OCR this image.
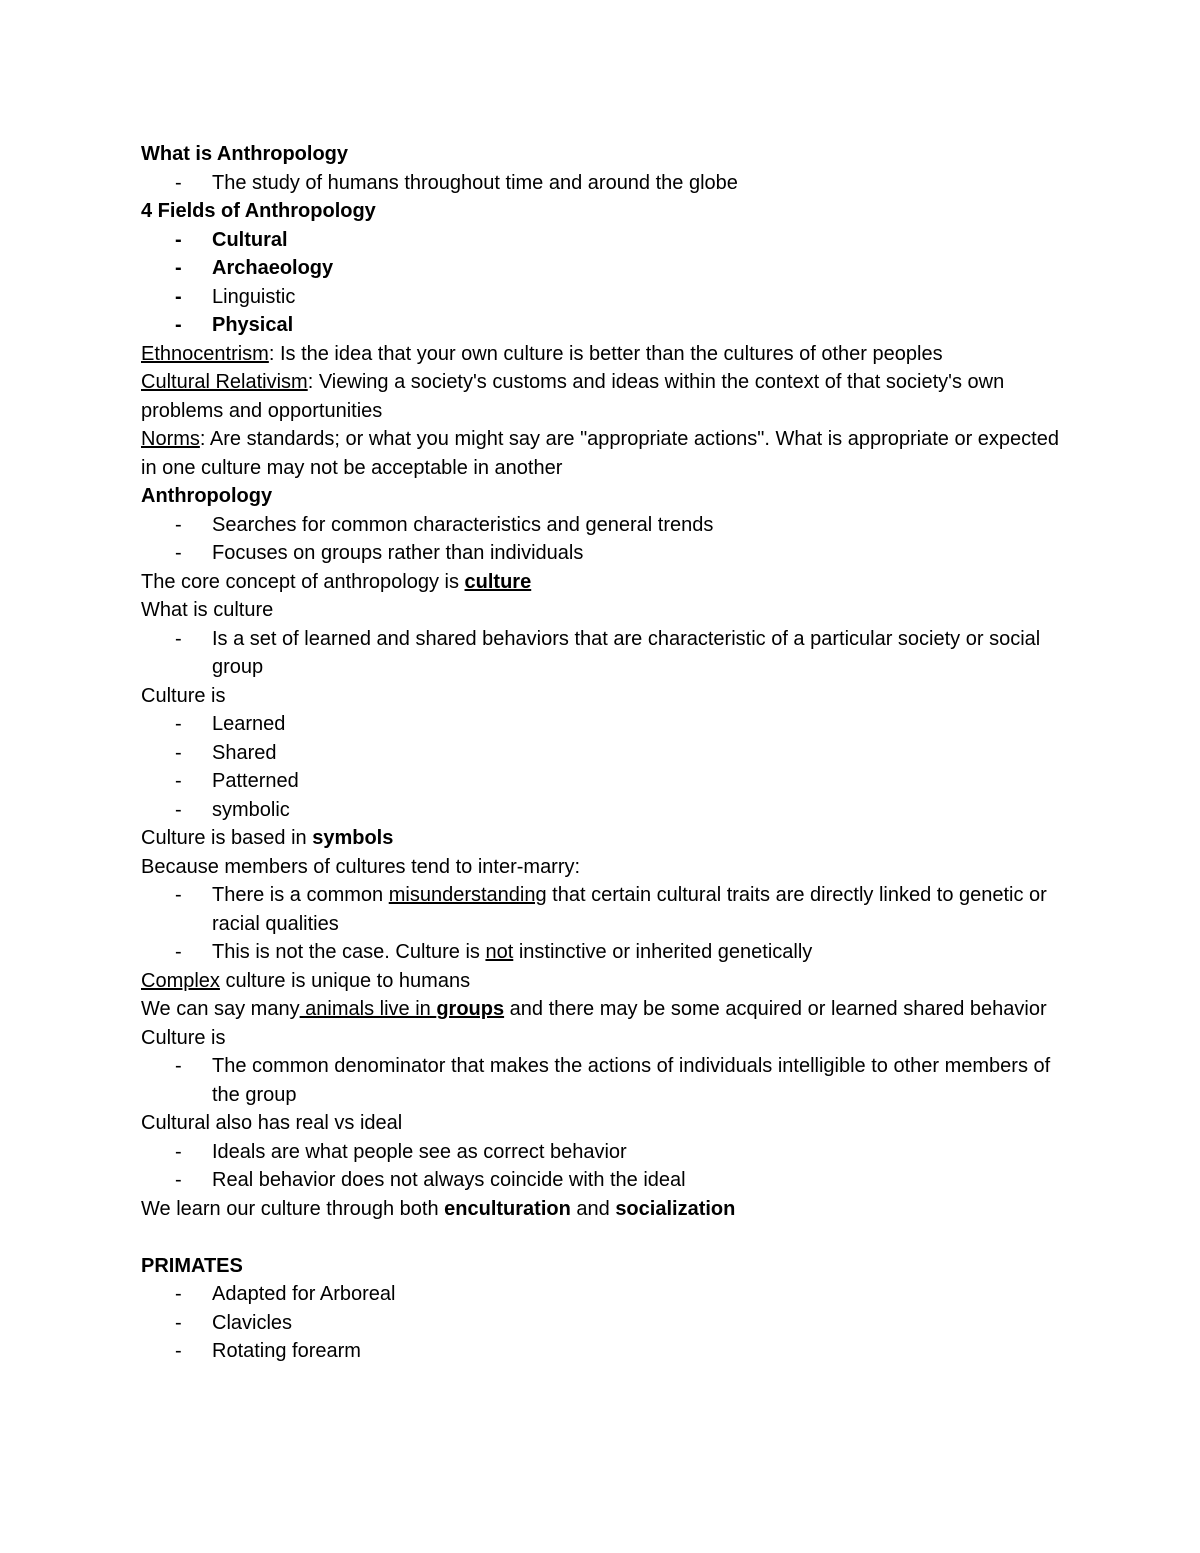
What is Anthropology

- The study of humans throughout time and around the globe

4 Fields of Anthropology

- Cultural

- Archaeology

- Linguistic

- Physical

Ethnocentrism: Is the idea that your own culture is better than the cultures of other peoples

Cultural Relativism: Viewing a society's customs and ideas within the context of that society's own problems and opportunities

Norms: Are standards; or what you might say are "appropriate actions". What is appropriate or expected in one culture may not be acceptable in another

Anthropology

- Searches for common characteristics and general trends

- Focuses on groups rather than individuals

The core concept of anthropology is culture

What is culture

- Is a set of learned and shared behaviors that are characteristic of a particular society or social group

Culture is

- Learned

- Shared

- Patterned

- symbolic

Culture is based in symbols

Because members of cultures tend to inter-marry:

- There is a common misunderstanding that certain cultural traits are directly linked to genetic or racial qualities

- This is not the case. Culture is not instinctive or inherited genetically

Complex culture is unique to humans

We can say many animals live in groups and there may be some acquired or learned shared behavior

Culture is

- The common denominator that makes the actions of individuals intelligible to other members of the group

Cultural also has real vs ideal

- Ideals are what people see as correct behavior

- Real behavior does not always coincide with the ideal

We learn our culture through both enculturation and socialization

PRIMATES

- Adapted for Arboreal

- Clavicles

- Rotating forearm
